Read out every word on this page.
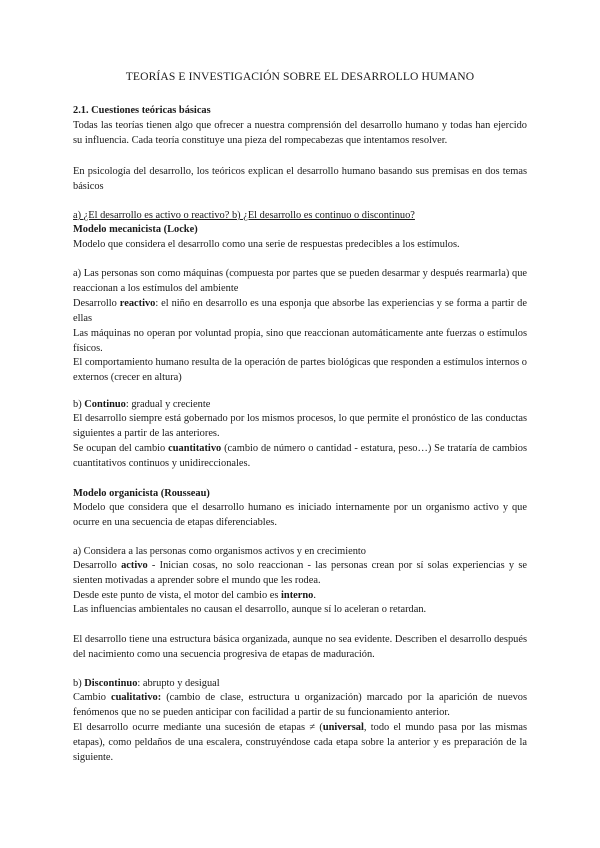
TEORÍAS E INVESTIGACIÓN SOBRE EL DESARROLLO HUMANO

2.1. Cuestiones teóricas básicas

Todas las teorías tienen algo que ofrecer a nuestra comprensión del desarrollo humano y todas han ejercido su influencia. Cada teoría constituye una pieza del rompecabezas que intentamos resolver.

En psicología del desarrollo, los teóricos explican el desarrollo humano basando sus premisas en dos temas básicos

a) ¿El desarrollo es activo o reactivo? b) ¿El desarrollo es continuo o discontinuo?

Modelo mecanicista (Locke)

Modelo que considera el desarrollo como una serie de respuestas predecibles a los estímulos.

a) Las personas son como máquinas (compuesta por partes que se pueden desarmar y después rearmarla) que reaccionan a los estímulos del ambiente

Desarrollo reactivo: el niño en desarrollo es una esponja que absorbe las experiencias y se forma a partir de ellas

Las máquinas no operan por voluntad propia, sino que reaccionan automáticamente ante fuerzas o estímulos físicos.

El comportamiento humano resulta de la operación de partes biológicas que responden a estímulos internos o externos (crecer en altura)

b) Continuo: gradual y creciente

El desarrollo siempre está gobernado por los mismos procesos, lo que permite el pronóstico de las conductas siguientes a partir de las anteriores.

Se ocupan del cambio cuantitativo (cambio de número o cantidad - estatura, peso…) Se trataría de cambios cuantitativos continuos y unidireccionales.

Modelo organicista (Rousseau)

Modelo que considera que el desarrollo humano es iniciado internamente por un organismo activo y que ocurre en una secuencia de etapas diferenciables.

a) Considera a las personas como organismos activos y en crecimiento

Desarrollo activo - Inician cosas, no solo reaccionan - las personas crean por sí solas experiencias y se sienten motivadas a aprender sobre el mundo que les rodea.

Desde este punto de vista, el motor del cambio es interno.

Las influencias ambientales no causan el desarrollo, aunque sí lo aceleran o retardan.

El desarrollo tiene una estructura básica organizada, aunque no sea evidente. Describen el desarrollo después del nacimiento como una secuencia progresiva de etapas de maduración.

b) Discontinuo: abrupto y desigual

Cambio cualitativo: (cambio de clase, estructura u organización) marcado por la aparición de nuevos fenómenos que no se pueden anticipar con facilidad a partir de su funcionamiento anterior.

El desarrollo ocurre mediante una sucesión de etapas ≠ (universal, todo el mundo pasa por las mismas etapas), como peldaños de una escalera, construyéndose cada etapa sobre la anterior y es preparación de la siguiente.
